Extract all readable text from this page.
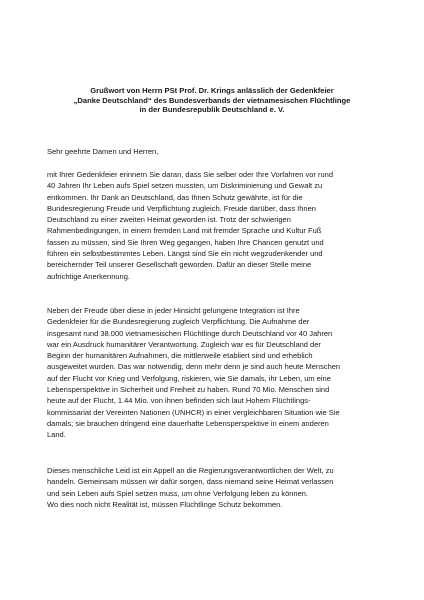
Grußwort von Herrn PSt Prof. Dr. Krings anlässlich der Gedenkfeier
„Danke Deutschland“ des Bundesverbands der vietnamesischen Flüchtlinge
in der Bundesrepublik Deutschland e. V.
Sehr geehrte Damen und Herren,
mit Ihrer Gedenkfeier erinnern Sie daran, dass Sie selber oder Ihre Vorfahren vor rund
40 Jahren Ihr Leben aufs Spiel setzen mussten, um Diskriminierung und Gewalt zu
entkommen. Ihr Dank an Deutschland, das Ihnen Schutz gewährte, ist für die
Bundesregierung Freude und Verpflichtung zugleich. Freude darüber, dass Ihnen
Deutschland zu einer zweiten Heimat geworden ist. Trotz der schwierigen
Rahmenbedingungen, in einem fremden Land mit fremder Sprache und Kultur Fuß
fassen zu müssen, sind Sie Ihren Weg gegangen, haben Ihre Chancen genutzt und
führen ein selbstbestimmtes Leben. Längst sind Sie ein nicht wegzudenkender und
bereichernder Teil unserer Gesellschaft geworden. Dafür an dieser Stelle meine
aufrichtige Anerkennung.
Neben der Freude über diese in jeder Hinsicht gelungene Integration ist Ihre
Gedenkfeier für die Bundesregierung zugleich Verpflichtung. Die Aufnahme der
insgesamt rund 38.000 vietnamesischen Flüchtlinge durch Deutschland vor 40 Jahren
war ein Ausdruck humanitärer Verantwortung. Zugleich war es für Deutschland der
Beginn der humanitären Aufnahmen, die mittlerweile etabliert sind und erheblich
ausgeweitet wurden. Das war notwendig, denn mehr denn je sind auch heute Menschen
auf der Flucht vor Krieg und Verfolgung, riskieren, wie Sie damals, ihr Leben, um eine
Lebensperspektive in Sicherheit und Freiheit zu haben. Rund 70 Mio. Menschen sind
heute auf der Flucht, 1.44 Mio. von ihnen befinden sich laut Hohem Flüchtlings-
kommissariat der Vereinten Nationen (UNHCR) in einer vergleichbaren Situation wie Sie
damals; sie brauchen dringend eine dauerhafte Lebensperspektive in einem anderen
Land.
Dieses menschliche Leid ist ein Appell an die Regierungsverantwortlichen der Welt, zu
handeln. Gemeinsam müssen wir dafür sorgen, dass niemand seine Heimat verlassen
und sein Leben aufs Spiel setzen muss, um ohne Verfolgung leben zu können.
Wo dies noch nicht Realität ist, müssen Flüchtlinge Schutz bekommen.
